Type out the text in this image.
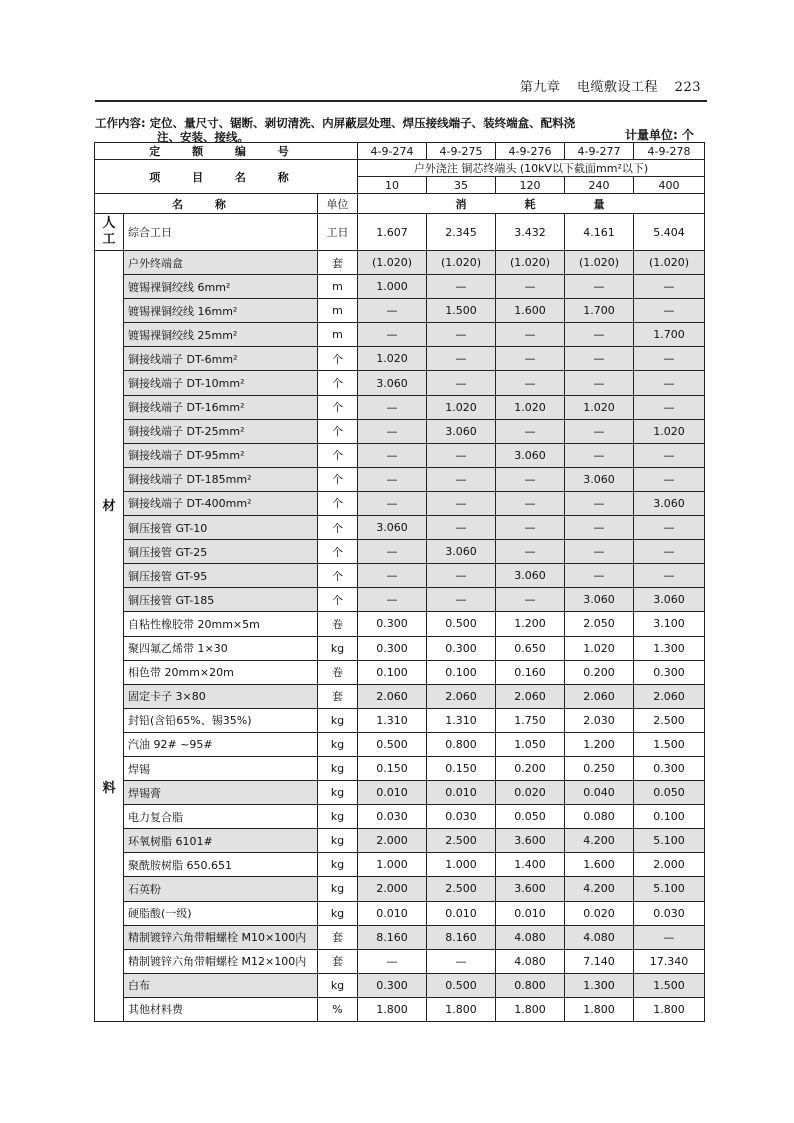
第九章 电缆敷设工程 223
工作内容: 定位、量尺寸、锯断、剥切清洗、内屏蔽层处理、焊压接线端子、装终端盒、配料浇
注、安装、接线。	计量单位: 个
定 额 编 号			4-9-274	4-9-275	4-9-276	4-9-277	4-9-278
项 目 名 称			户外浇注 铜芯终端头 (10kV以下截面mm²以下)				
			10	35	120	240	400
名 称		单位		消	耗	量	

人工	综合工日	工日	1.607	2.345	3.432	4.161	5.404

材
料	户外终端盒	套	(1.020)	(1.020)	(1.020)	(1.020)	(1.020)
	镀锡裸铜绞线 6mm²	m	1.000	—	—	—	—
	镀锡裸铜绞线 16mm²	m	—	1.500	1.600	1.700	—
	镀锡裸铜绞线 25mm²	m	—	—	—	—	1.700
	铜接线端子 DT-6mm²	个	1.020	—	—	—	—
	铜接线端子 DT-10mm²	个	3.060	—	—	—	—
	铜接线端子 DT-16mm²	个	—	1.020	1.020	1.020	—
	铜接线端子 DT-25mm²	个	—	3.060	—	—	1.020
	铜接线端子 DT-95mm²	个	—	—	3.060	—	—
	铜接线端子 DT-185mm²	个	—	—	—	3.060	—
	铜接线端子 DT-400mm²	个	—	—	—	—	3.060
	铜压接管 GT-10	个	3.060	—	—	—	—
	铜压接管 GT-25	个	—	3.060	—	—	—
	铜压接管 GT-95	个	—	—	3.060	—	—
	铜压接管 GT-185	个	—	—	—	3.060	3.060
	自粘性橡胶带 20mm×5m	卷	0.300	0.500	1.200	2.050	3.100
	聚四氟乙烯带 1×30	kg	0.300	0.300	0.650	1.020	1.300
	相色带 20mm×20m	卷	0.100	0.100	0.160	0.200	0.300
	固定卡子 3×80	套	2.060	2.060	2.060	2.060	2.060
	封铅(含铅65%、锡35%)	kg	1.310	1.310	1.750	2.030	2.500
	汽油 92# ~95#	kg	0.500	0.800	1.050	1.200	1.500
	焊锡	kg	0.150	0.150	0.200	0.250	0.300
	焊锡膏	kg	0.010	0.010	0.020	0.040	0.050
	电力复合脂	kg	0.030	0.030	0.050	0.080	0.100
	环氧树脂 6101#	kg	2.000	2.500	3.600	4.200	5.100
	聚酰胺树脂 650.651	kg	1.000	1.000	1.400	1.600	2.000
	石英粉	kg	2.000	2.500	3.600	4.200	5.100
	硬脂酸(一级)	kg	0.010	0.010	0.010	0.020	0.030
	精制镀锌六角带帽螺栓 M10×100内	套	8.160	8.160	4.080	4.080	—
	精制镀锌六角带帽螺栓 M12×100内	套	—	—	4.080	7.140	17.340
	白布	kg	0.300	0.500	0.800	1.300	1.500
	其他材料费	%	1.800	1.800	1.800	1.800	1.800
